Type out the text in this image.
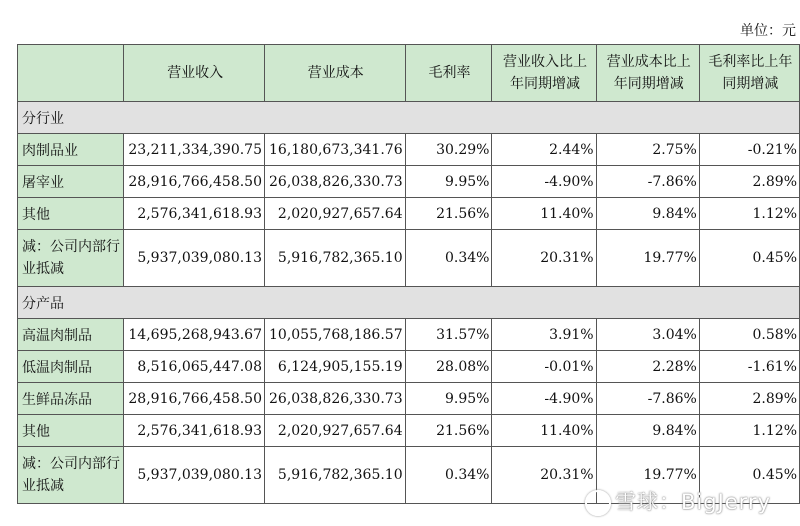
单位：元
	营业收入	营业成本	毛利率	营业收入比上年同期增减	营业成本比上年同期增减	毛利率比上年同期增减
分行业						
肉制品业	23,211,334,390.75	16,180,673,341.76	30.29%	2.44%	2.75%	-0.21%
屠宰业	28,916,766,458.50	26,038,826,330.73	9.95%	-4.90%	-7.86%	2.89%
其他	2,576,341,618.93	2,020,927,657.64	21.56%	11.40%	9.84%	1.12%
减：公司内部行业抵减	5,937,039,080.13	5,916,782,365.10	0.34%	20.31%	19.77%	0.45%
分产品						
高温肉制品	14,695,268,943.67	10,055,768,186.57	31.57%	3.91%	3.04%	0.58%
低温肉制品	8,516,065,447.08	6,124,905,155.19	28.08%	-0.01%	2.28%	-1.61%
生鲜品冻品	28,916,766,458.50	26,038,826,330.73	9.95%	-4.90%	-7.86%	2.89%
其他	2,576,341,618.93	2,020,927,657.64	21.56%	11.40%	9.84%	1.12%
减：公司内部行业抵减	5,937,039,080.13	5,916,782,365.10	0.34%	20.31%	19.77%	0.45%
雪球：BigJerry
